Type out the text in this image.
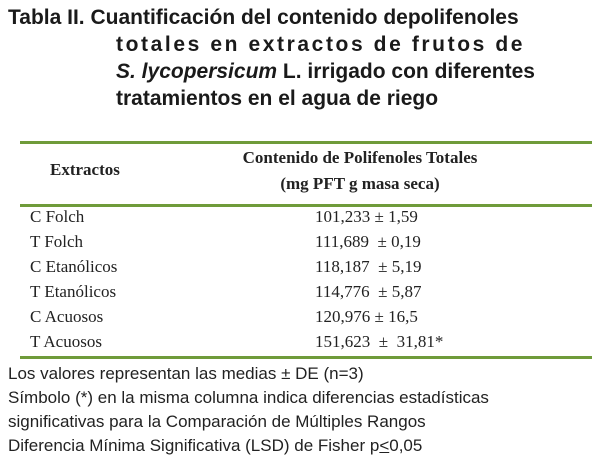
Tabla II. Cuantificación del contenido depolifenoles
totales en extractos de frutos de
S. lycopersicum L. irrigado con diferentes
tratamientos en el agua de riego
Extractos
Contenido de Polifenoles Totales
(mg PFT g masa seca)
C Folch	101,233 ± 1,59
T Folch	111,689  ± 0,19
C Etanólicos	118,187  ± 5,19
T Etanólicos	114,776  ± 5,87
C Acuosos	120,976 ± 16,5
T Acuosos	151,623  ±  31,81*
Los valores representan las medias ± DE (n=3)
Símbolo (*) en la misma columna indica diferencias estadísticas
significativas para la Comparación de Múltiples Rangos
Diferencia Mínima Significativa (LSD) de Fisher p≤0,05
